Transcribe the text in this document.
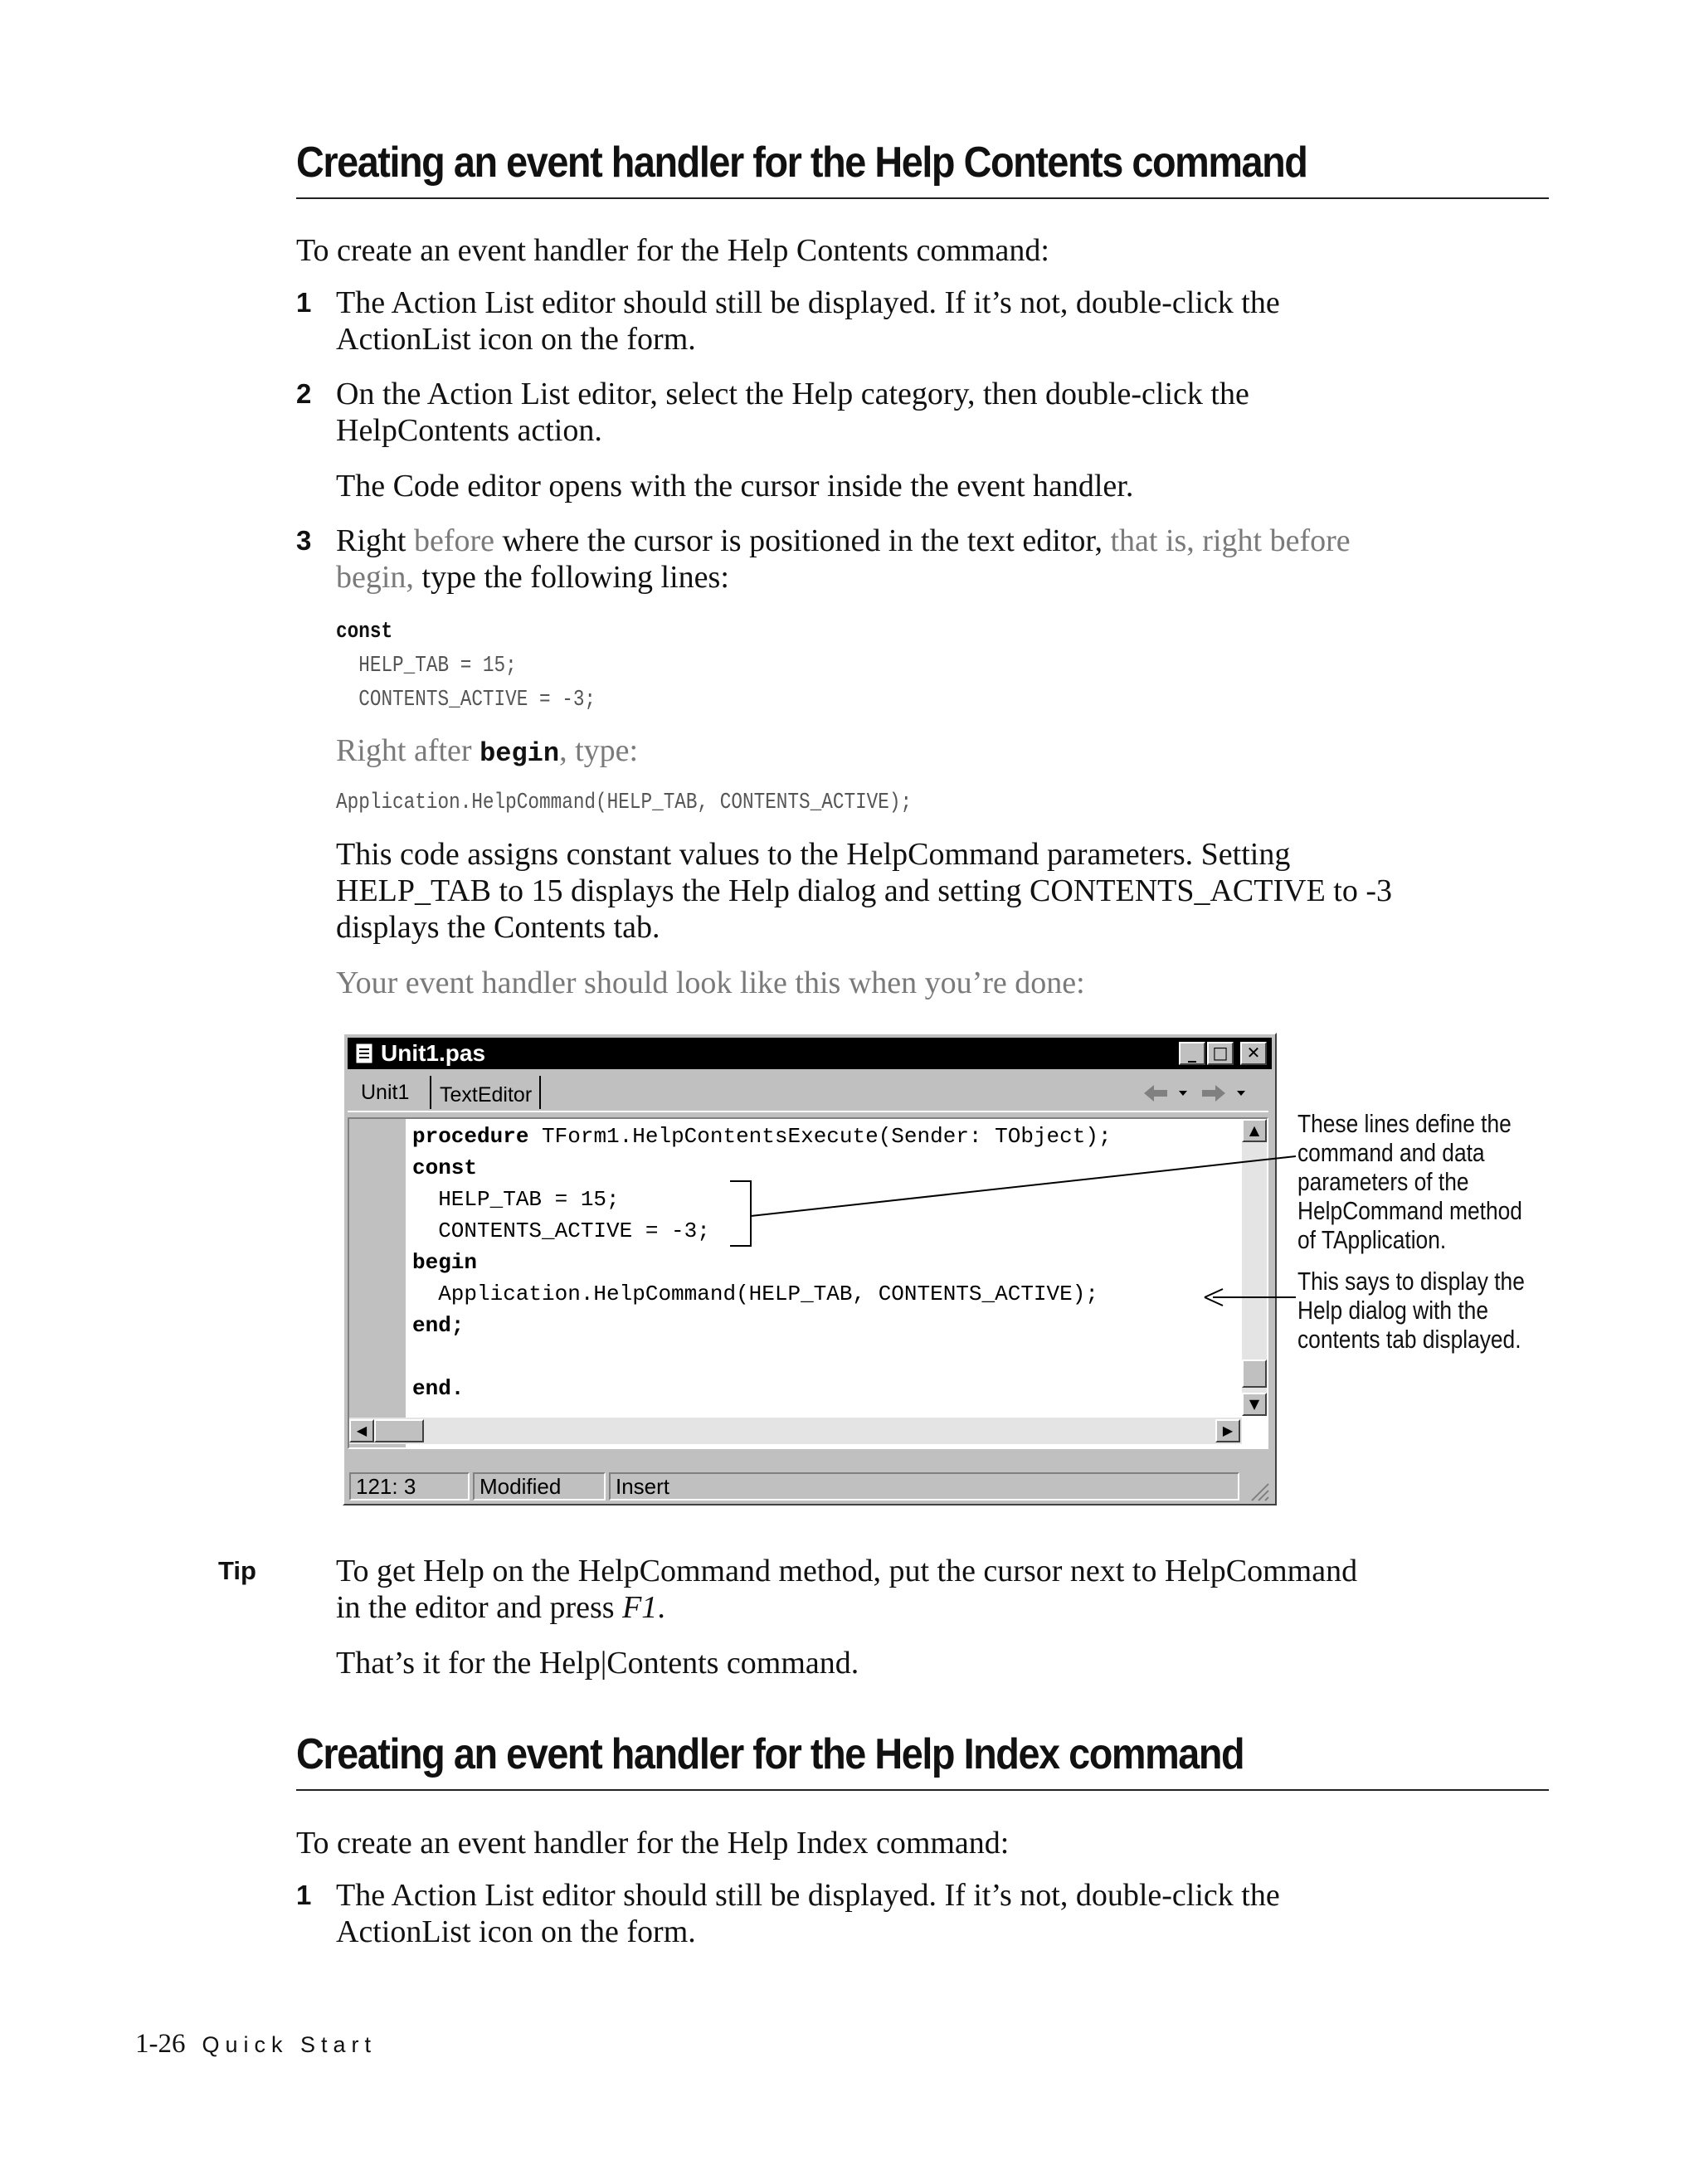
Creating an event handler for the Help Contents command
To create an event handler for the Help Contents command:
1 The Action List editor should still be displayed. If it’s not, double-click the
ActionList icon on the form.
2 On the Action List editor, select the Help category, then double-click the
HelpContents action.
The Code editor opens with the cursor inside the event handler.
3 Right before where the cursor is positioned in the text editor, that is, right before
begin, type the following lines:
const
HELP_TAB = 15;
CONTENTS_ACTIVE = -3;
Right after begin, type:
Application.HelpCommand(HELP_TAB, CONTENTS_ACTIVE);
This code assigns constant values to the HelpCommand parameters. Setting
HELP_TAB to 15 displays the Help dialog and setting CONTENTS_ACTIVE to -3
displays the Contents tab.
Your event handler should look like this when you’re done:
Unit1.pas	_ □	✕
Unit1 TextEditor
procedure TForm1.HelpContentsExecute(Sender: TObject);
const
HELP_TAB = 15;
CONTENTS_ACTIVE = -3;
begin
Application.HelpCommand(HELP_TAB, CONTENTS_ACTIVE);
end;
end.
▲
▼
◀	▶
121: 3	Modified	Insert
These lines define the
command and data
parameters of the
HelpCommand method
of TApplication.
This says to display the
Help dialog with the
contents tab displayed.
Tip	To get Help on the HelpCommand method, put the cursor next to HelpCommand
in the editor and press F1.
That’s it for the Help|Contents command.
Creating an event handler for the Help Index command
To create an event handler for the Help Index command:
1 The Action List editor should still be displayed. If it’s not, double-click the
ActionList icon on the form.
1-26 Quick Start
